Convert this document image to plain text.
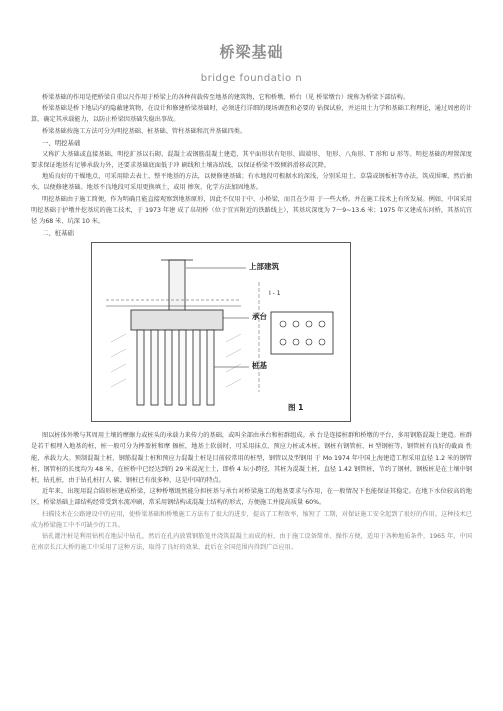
桥梁基础
bridge foundatio n

桥梁基础的作用是把桥梁自重以尺作用于桥梁上的各种荷载传至地基的建筑物，它和桥墩、桥台（见 桥梁墩台）统称为桥梁下部结构。

桥梁基础是桥下地层内的隐蔽建筑物，在设计和修建桥梁基础时，必须进行详细的现场调查和必要的 钻探试验，并运用土力学和基础工程理论，通过周密的计算，确定其承载能力，以防止桥梁因基础失稳出事故。

桥梁基础按施工方法可分为明挖基础、桩基础、管柱基础和沉井基础四类。

一、明挖基础

又称扩大基础或直接基础，明挖扩基以石砌、混凝土或钢筋混凝土建造，其平面形状有矩形、圆端形、 矩形、八角形、T 形和 U 形等。明挖基础的埋置深度要求保证地基有足够承载力外，还要求基础底面低于冲 刷线和土壤冻结线，以保证桥梁不致倾斜滑移或沉降。

地质良好的干燥地点，可采用除去表土、整平地基的方法，以便修建基础；有水地段可根据水的深浅，分别采用土、草袋或钢板桩等办法，筑成围堰，然后抽水，以便修建基础。地基不良地段可采用更换填土，或用 掺灰、化学方法加固地基。

明挖基础由于施工简便，作为明确且能直接观察到地基原形，因此不仅用于中、小桥梁，而且在少用 于一些大桥。并在施工技术上有所发展。例如，中国采用明挖基础于护墩井挖基坑的施工技术，于 1973 年建 成了帛胡桥（位于宜宾附近的铁路线上），其基坑深度为 7～9~13.6 米；1975 年又建成东河桥，其基坑宜径 为68 米、坑深 10 米。

二、桩基础
上部建筑
承台
桩基
I - 1
图 1

图以桩体外墩与其周用土壤的摩擦力或桩头的承载力来传力的基础，或叫全部由承台和桩群组成。承 台是连接桩群和桥墩的平台，多用钢筋混凝土建造。桩群是若干根埋入地基的桩，桩一般可分为摔盈桩和摩 擦桩，地基土软弱时，可采用抹点、预应力桩或木桩。钢桩有钢管桩、H 型钢桩等，钢管桩有良好的截面 性能，承载力大。预制混凝土桩、钢筋混凝土桩和预应力混凝土桩是目前较常用的桩型，钢管以及型钢用 于 Mo 1974 年中国上海建造工程采用直径 1.2 米的钢管桩，钢管桩的长度均为 48 米，在桩桥中已经达到的 29 米混泥土土，即桥 4 坛小跨径，其桩为混凝土桩，直径 1.42 钢管桩，节约了钢材，钢板桩是在土壤中钢桩，钻孔桩，由于钻孔桩打人 碳、钢桩已有很多种，这是中国的特点。

近年来，出现用混合圆形桩建成桥梁，这种桥墩既然能分担桩基与承台对桥梁施工的地基要求与作用，在一般情况下也能保证其稳定。在地下水位较高的地区，桥梁基础上部结构经常受到水流冲刷，常采用钢结构或混凝土结构的形式，方便施工并提高质量 60%。

扫描技术在公路建设中的应用，使桥梁基础和桥墩施工方法有了很大的进步，提高了工程效率，缩短了 工期，对保证施工安全起到了很好的作用。这种技术已成为桥梁施工中不可缺少的工具。

钻孔灌注桩是利用钻机在地层中钻孔，然后在孔内放置钢筋笼并浇筑混凝土而成的桩，由于施工设备简单、操作方便，适用于各种地质条件，1965 年，中国在南京长江大桥的施工中采用了这种方法，取得了良好的效果，此后在全国范围内得到广泛应用。
